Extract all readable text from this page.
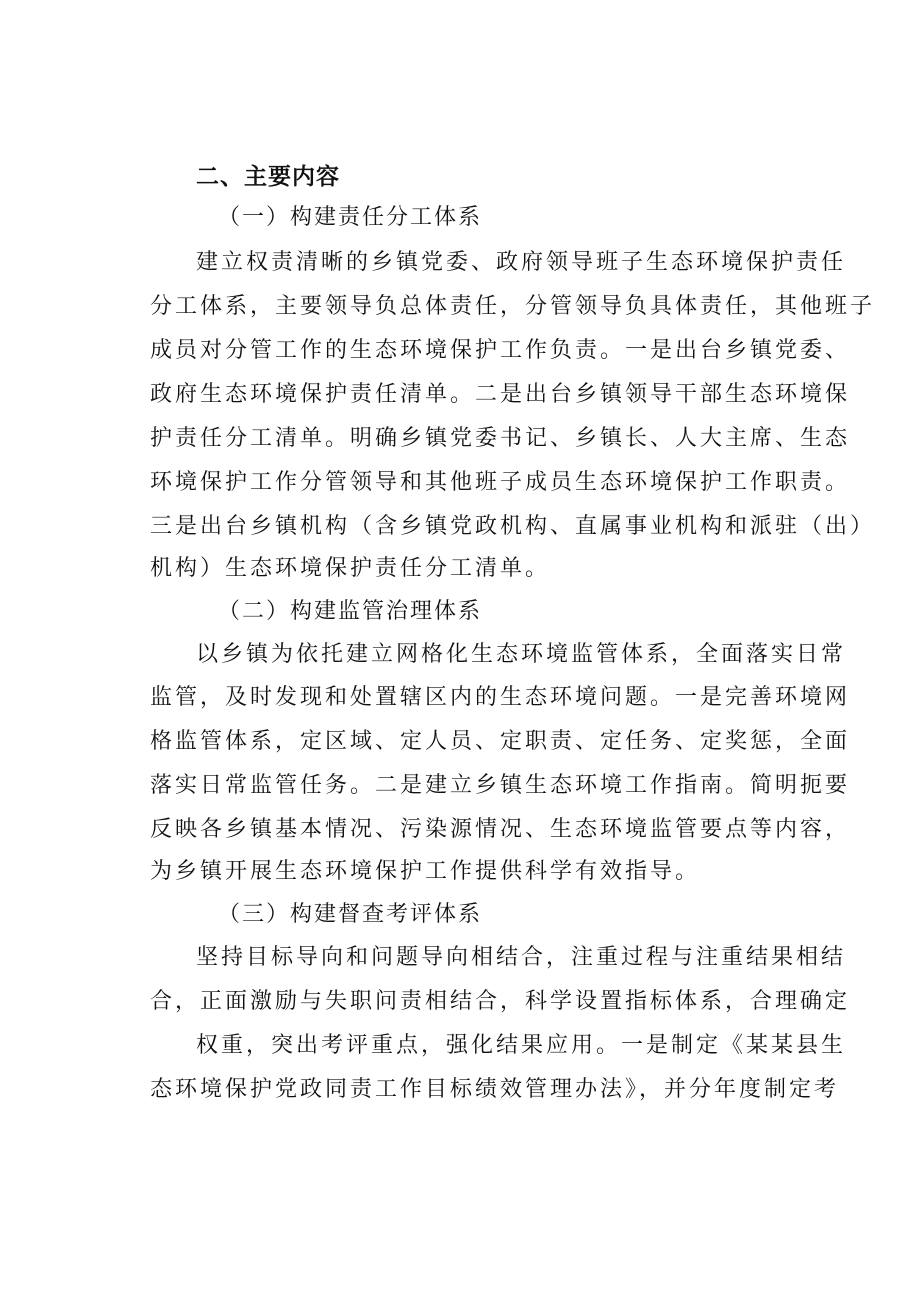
二、主要内容
（一）构建责任分工体系
建立权责清晰的乡镇党委、政府领导班子生态环境保护责任
分工体系，主要领导负总体责任，分管领导负具体责任，其他班子
成员对分管工作的生态环境保护工作负责。一是出台乡镇党委、
政府生态环境保护责任清单。二是出台乡镇领导干部生态环境保
护责任分工清单。明确乡镇党委书记、乡镇长、人大主席、生态
环境保护工作分管领导和其他班子成员生态环境保护工作职责。
三是出台乡镇机构（含乡镇党政机构、直属事业机构和派驻（出）
机构）生态环境保护责任分工清单。
（二）构建监管治理体系
以乡镇为依托建立网格化生态环境监管体系，全面落实日常
监管，及时发现和处置辖区内的生态环境问题。一是完善环境网
格监管体系，定区域、定人员、定职责、定任务、定奖惩，全面
落实日常监管任务。二是建立乡镇生态环境工作指南。简明扼要
反映各乡镇基本情况、污染源情况、生态环境监管要点等内容，
为乡镇开展生态环境保护工作提供科学有效指导。
（三）构建督查考评体系
坚持目标导向和问题导向相结合，注重过程与注重结果相结
合，正面激励与失职问责相结合，科学设置指标体系，合理确定
权重，突出考评重点，强化结果应用。一是制定《某某县生
态环境保护党政同责工作目标绩效管理办法》，并分年度制定考
